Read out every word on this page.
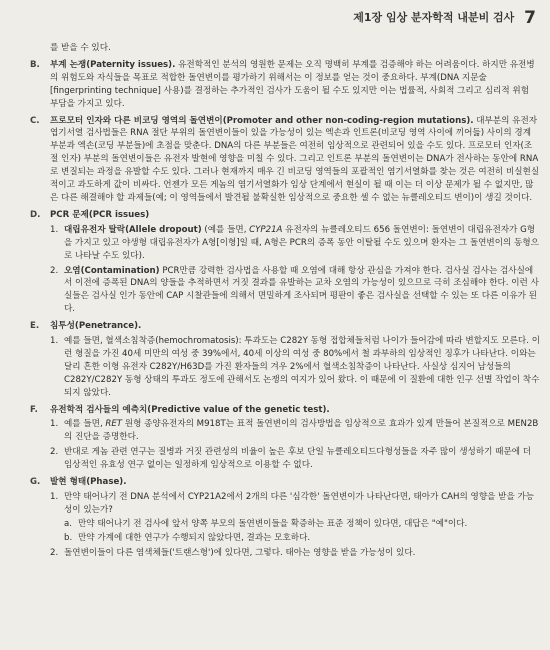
제1장 임상 분자학적 내분비 검사 7

를 받을 수 있다.

B.	부계 논쟁(Paternity issues). 유전학적인 분석의 영원한 문제는 오직 명백히 부계를 검증해야 하는 어려움이다. 하지만 유전병의 위험도와 자식들을 목표로 적합한 돌연변이를 평가하기 위해서는 이 정보를 얻는 것이 중요하다. 부계(DNA 지문술[fingerprinting technique] 사용)를 결정하는 추가적인 검사가 도움이 될 수도 있지만 이는 법률적, 사회적 그리고 심리적 위험 부담을 가지고 있다.
C.	프로모터 인자와 다른 비코딩 영역의 돌연변이(Promoter and other non-coding-region mutations). 대부분의 유전자 엽기서열 검사법들은 RNA 절단 부위의 돌연변이들이 있을 가능성이 있는 엑손과 인트론(비코딩 영역 사이에 끼어듦) 사이의 경계 부분과 엑손(코딩 부분들)에 초점을 맞춘다. DNA의 다른 부분들은 여전히 임상적으로 관련되어 있을 수도 있다. 프로모터 인자(조절 인자) 부분의 돌연변이들은 유전자 발현에 영향을 미칠 수 있다. 그리고 인트론 부분의 돌연변이는 DNA가 전사하는 동안에 RNA로 변질되는 과정을 유발할 수도 있다. 그러나 현재까지 매우 긴 비코딩 영역들의 포괄적인 염기서열화를 찾는 것은 여전히 비실현실적이고 과도하게 값이 비싸다. 언젠가 모든 게놈의 염기서열화가 임상 단계에서 현실이 될 때 이는 더 이상 문제가 될 수 없지만, 많은 다른 해결해야 할 과제들(예; 이 영역들에서 발견될 불확실한 임상적으로 중요한 셀 수 없는 뉴클레오티드 변이)이 생길 것이다.
D.	PCR 문제(PCR issues)
1. 대립유전자 탈락(Allele dropout) (예를 들면, CYP21A 유전자의 뉴클레오티드 656 돌연변이: 돌연변이 대립유전자가 G형을 가지고 있고 야생형 대립유전자가 A형[이형]일 때, A형은 PCR의 증폭 동안 이탈될 수도 있으며 환자는 그 돌연변이의 동형으로 나타날 수도 있다).
2. 오염(Contamination) PCR만큼 강력한 검사법을 사용할 때 오염에 대해 항상 관심을 가져야 한다. 검사실 검사는 검사실에서 이전에 증폭된 DNA의 양들을 추적하면서 거짓 결과를 유발하는 교차 오염의 가능성이 있으므로 극히 조심해야 한다. 이런 사실들은 검사실 인가 동안에 CAP 시찰관들에 의해서 면밀하게 조사되며 평판이 좋은 검사실을 선택할 수 있는 또 다른 이유가 된다.
E.	침투성(Penetrance).
1. 예를 들면, 혈색소침착증(hemochromatosis): 투과도는 C282Y 동형 접합체들처럼 나이가 들어감에 따라 변할지도 모른다. 이런 형질을 가진 40세 미만의 여성 중 39%에서, 40세 이상의 여성 중 80%에서 철 과부하의 임상적인 징후가 나타난다. 이와는 달리 흔한 이형 유전자 C282Y/H63D를 가진 환자들의 겨우 2%에서 혈색소침착증이 나타난다. 사실상 심지어 남성들의 C282Y/C282Y 동형 상태의 투과도 정도에 관해서도 논쟁의 여지가 있어 왔다. 이 때문에 이 질환에 대한 인구 선별 작업이 착수되지 않았다.
F.	유전학적 검사들의 예측치(Predictive value of the genetic test).
1. 예를 들면, RET 원형 종양유전자의 M918T는 표적 돌연변이의 검사방법을 임상적으로 효과가 있게 만들어 본질적으로 MEN2B의 진단을 증명한다.
2. 반대로 게놈 관련 연구는 질병과 거짓 관련성의 비율이 높은 후보 단일 뉴클레오티드다형성들을 자주 많이 생성하기 때문에 더 임상적인 유효성 연구 없이는 일정하게 임상적으로 이용할 수 없다.
G.	발현 형태(Phase).
1. 만약 태어나기 전 DNA 분석에서 CYP21A2에서 2개의 다른 '심각한' 돌연변이가 나타난다면, 태아가 CAH의 영향을 받을 가능성이 있는가?
a. 만약 태어나기 전 검사에 앞서 양쪽 부모의 돌연변이들을 확증하는 표준 정책이 있다면, 대답은 "예"이다.
b. 만약 가계에 대한 연구가 수행되지 않았다면, 결과는 모호하다.
2. 돌연변이들이 다른 염색체들('트랜스형')에 있다면, 그렇다. 태아는 영향을 받을 가능성이 있다.
